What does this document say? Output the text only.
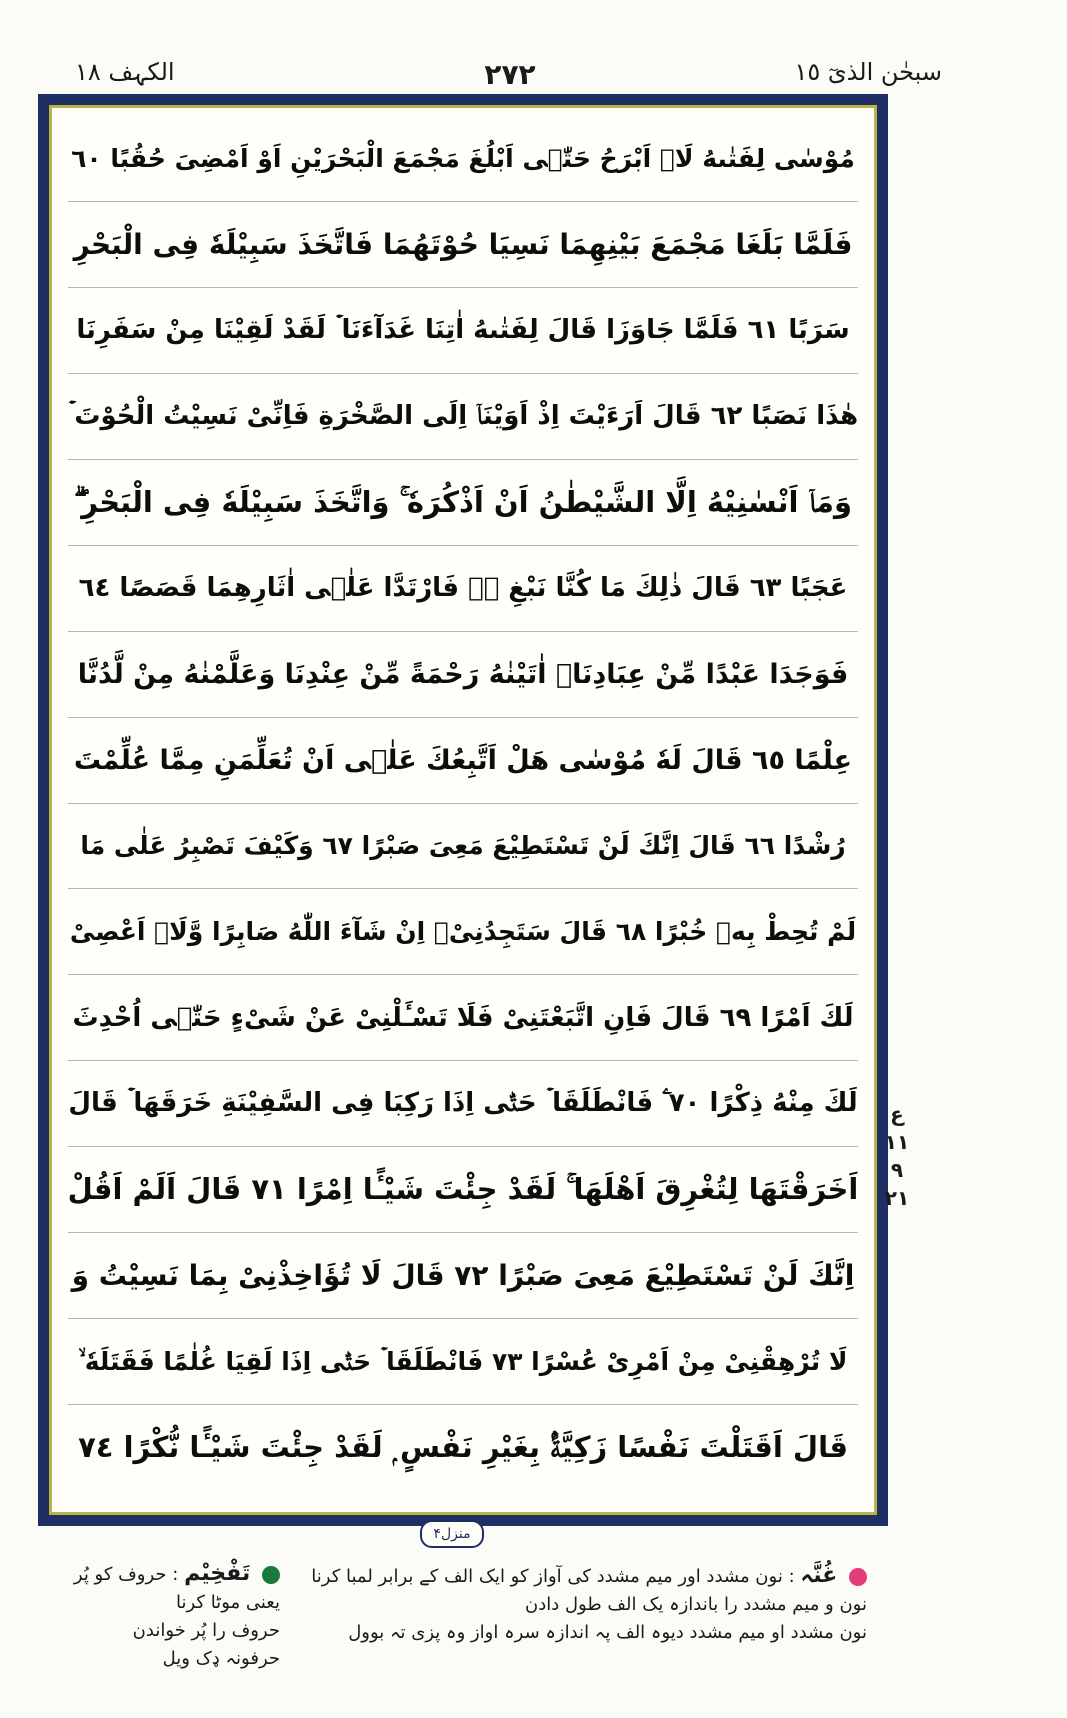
سبحٰن الذیٓ ١٥
٢٧٢
الکہف ١٨
مُوْسٰى لِفَتٰىهُ لَاۤ اَبْرَحُ حَتّٰۤى اَبْلُغَ مَجْمَعَ الْبَحْرَيْنِ اَوْ اَمْضِىَ حُقُبًا ٦٠
فَلَمَّا بَلَغَا مَجْمَعَ بَيْنِهِمَا نَسِيَا حُوْتَهُمَا فَاتَّخَذَ سَبِيْلَهٗ فِى الْبَحْرِ
سَرَبًا ٦١ فَلَمَّا جَاوَزَا قَالَ لِفَتٰىهُ اٰتِنَا غَدَآءَنَا ۡ لَقَدْ لَقِيْنَا مِنْ سَفَرِنَا
هٰذَا نَصَبًا ٦٢ قَالَ اَرَءَيْتَ اِذْ اَوَيْنَاۤ اِلَى الصَّخْرَةِ فَاِنِّىْ نَسِيْتُ الْحُوْتَ ۡ
وَمَاۤ اَنْسٰنِيْهُ اِلَّا الشَّيْطٰنُ اَنْ اَذْكُرَهٗ ۚ وَاتَّخَذَ سَبِيْلَهٗ فِى الْبَحْرِ ۖۗ
عَجَبًا ٦٣ قَالَ ذٰلِكَ مَا كُنَّا نَبْغِ ۖۗ فَارْتَدَّا عَلٰۤى اٰثَارِهِمَا قَصَصًا ٦٤
فَوَجَدَا عَبْدًا مِّنْ عِبَادِنَاۤ اٰتَيْنٰهُ رَحْمَةً مِّنْ عِنْدِنَا وَعَلَّمْنٰهُ مِنْ لَّدُنَّا
عِلْمًا ٦٥ قَالَ لَهٗ مُوْسٰى هَلْ اَتَّبِعُكَ عَلٰۤى اَنْ تُعَلِّمَنِ مِمَّا عُلِّمْتَ
رُشْدًا ٦٦ قَالَ اِنَّكَ لَنْ تَسْتَطِيْعَ مَعِىَ صَبْرًا ٦٧ وَكَيْفَ تَصْبِرُ عَلٰى مَا
لَمْ تُحِطْ بِهٖ خُبْرًا ٦٨ قَالَ سَتَجِدُنِىْۤ اِنْ شَآءَ اللّٰهُ صَابِرًا وَّلَاۤ اَعْصِىْ
لَكَ اَمْرًا ٦٩ قَالَ فَاِنِ اتَّبَعْتَنِىْ فَلَا تَسْـَٔلْنِىْ عَنْ شَىْءٍ حَتّٰۤى اُحْدِثَ
لَكَ مِنْهُ ذِكْرًا ٧٠ ۧ فَانْطَلَقَا ۡ حَتّٰۤى اِذَا رَكِبَا فِى السَّفِيْنَةِ خَرَقَهَا ۡ قَالَ
اَخَرَقْتَهَا لِتُغْرِقَ اَهْلَهَا ۚ لَقَدْ جِئْتَ شَيْـًٔا اِمْرًا ٧١ قَالَ اَلَمْ اَقُلْ
اِنَّكَ لَنْ تَسْتَطِيْعَ مَعِىَ صَبْرًا ٧٢ قَالَ لَا تُؤَاخِذْنِىْ بِمَا نَسِيْتُ وَ
لَا تُرْهِقْنِىْ مِنْ اَمْرِىْ عُسْرًا ٧٣ فَانْطَلَقَا ۡ حَتّٰۤى اِذَا لَقِيَا غُلٰمًا فَقَتَلَهٗ ۙ
قَالَ اَقَتَلْتَ نَفْسًا زَكِيَّةًۢ بِغَيْرِ نَفْسٍ ۭ لَقَدْ جِئْتَ شَيْـًٔا نُّكْرًا ٧٤
منزل۴
ع
١١
٩
٢١
غُنَّہ : نون مشدد اور میم مشدد کی آواز کو ایک الف کے برابر لمبا کرنا
نون و میم مشدد را باندازہ یک الف طول دادن
نون مشدد او میم مشدد دیوہ الف پہ اندازہ سرہ اواز وہ پزی تہ بوول
تَفْخِیْم : حروف کو پُر یعنی موٹا کرنا
حروف را پُر خواندن
حرفونہ ډک ویل
